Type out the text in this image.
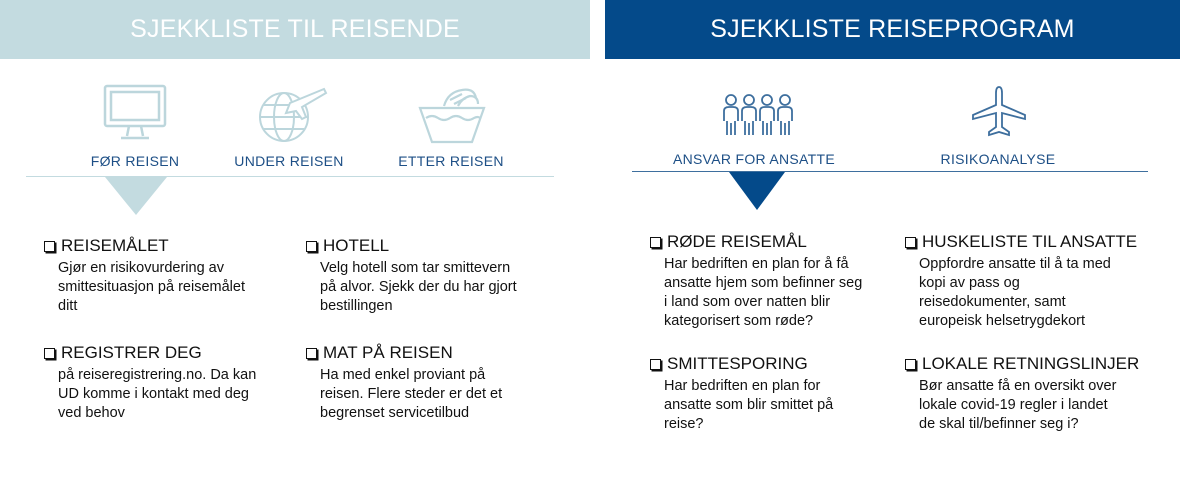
SJEKKLISTE TIL REISENDE
FØR REISEN	UNDER REISEN	ETTER REISEN
REISEMÅLET
Gjør en risikovurdering av
smittesituasjon på reisemålet
ditt
HOTELL
Velg hotell som tar smittevern
på alvor. Sjekk der du har gjort
bestillingen
REGISTRER DEG
på reiseregistrering.no. Da kan
UD komme i kontakt med deg
ved behov
MAT PÅ REISEN
Ha med enkel proviant på
reisen. Flere steder er det et
begrenset servicetilbud
SJEKKLISTE REISEPROGRAM
ANSVAR FOR ANSATTE	RISIKOANALYSE
RØDE REISEMÅL
Har bedriften en plan for å få
ansatte hjem som befinner seg
i land som over natten blir
kategorisert som røde?
HUSKELISTE TIL ANSATTE
Oppfordre ansatte til å ta med
kopi av pass og
reisedokumenter, samt
europeisk helsetrygdekort
SMITTESPORING
Har bedriften en plan for
ansatte som blir smittet på
reise?
LOKALE RETNINGSLINJER
Bør ansatte få en oversikt over
lokale covid-19 regler i landet
de skal til/befinner seg i?
